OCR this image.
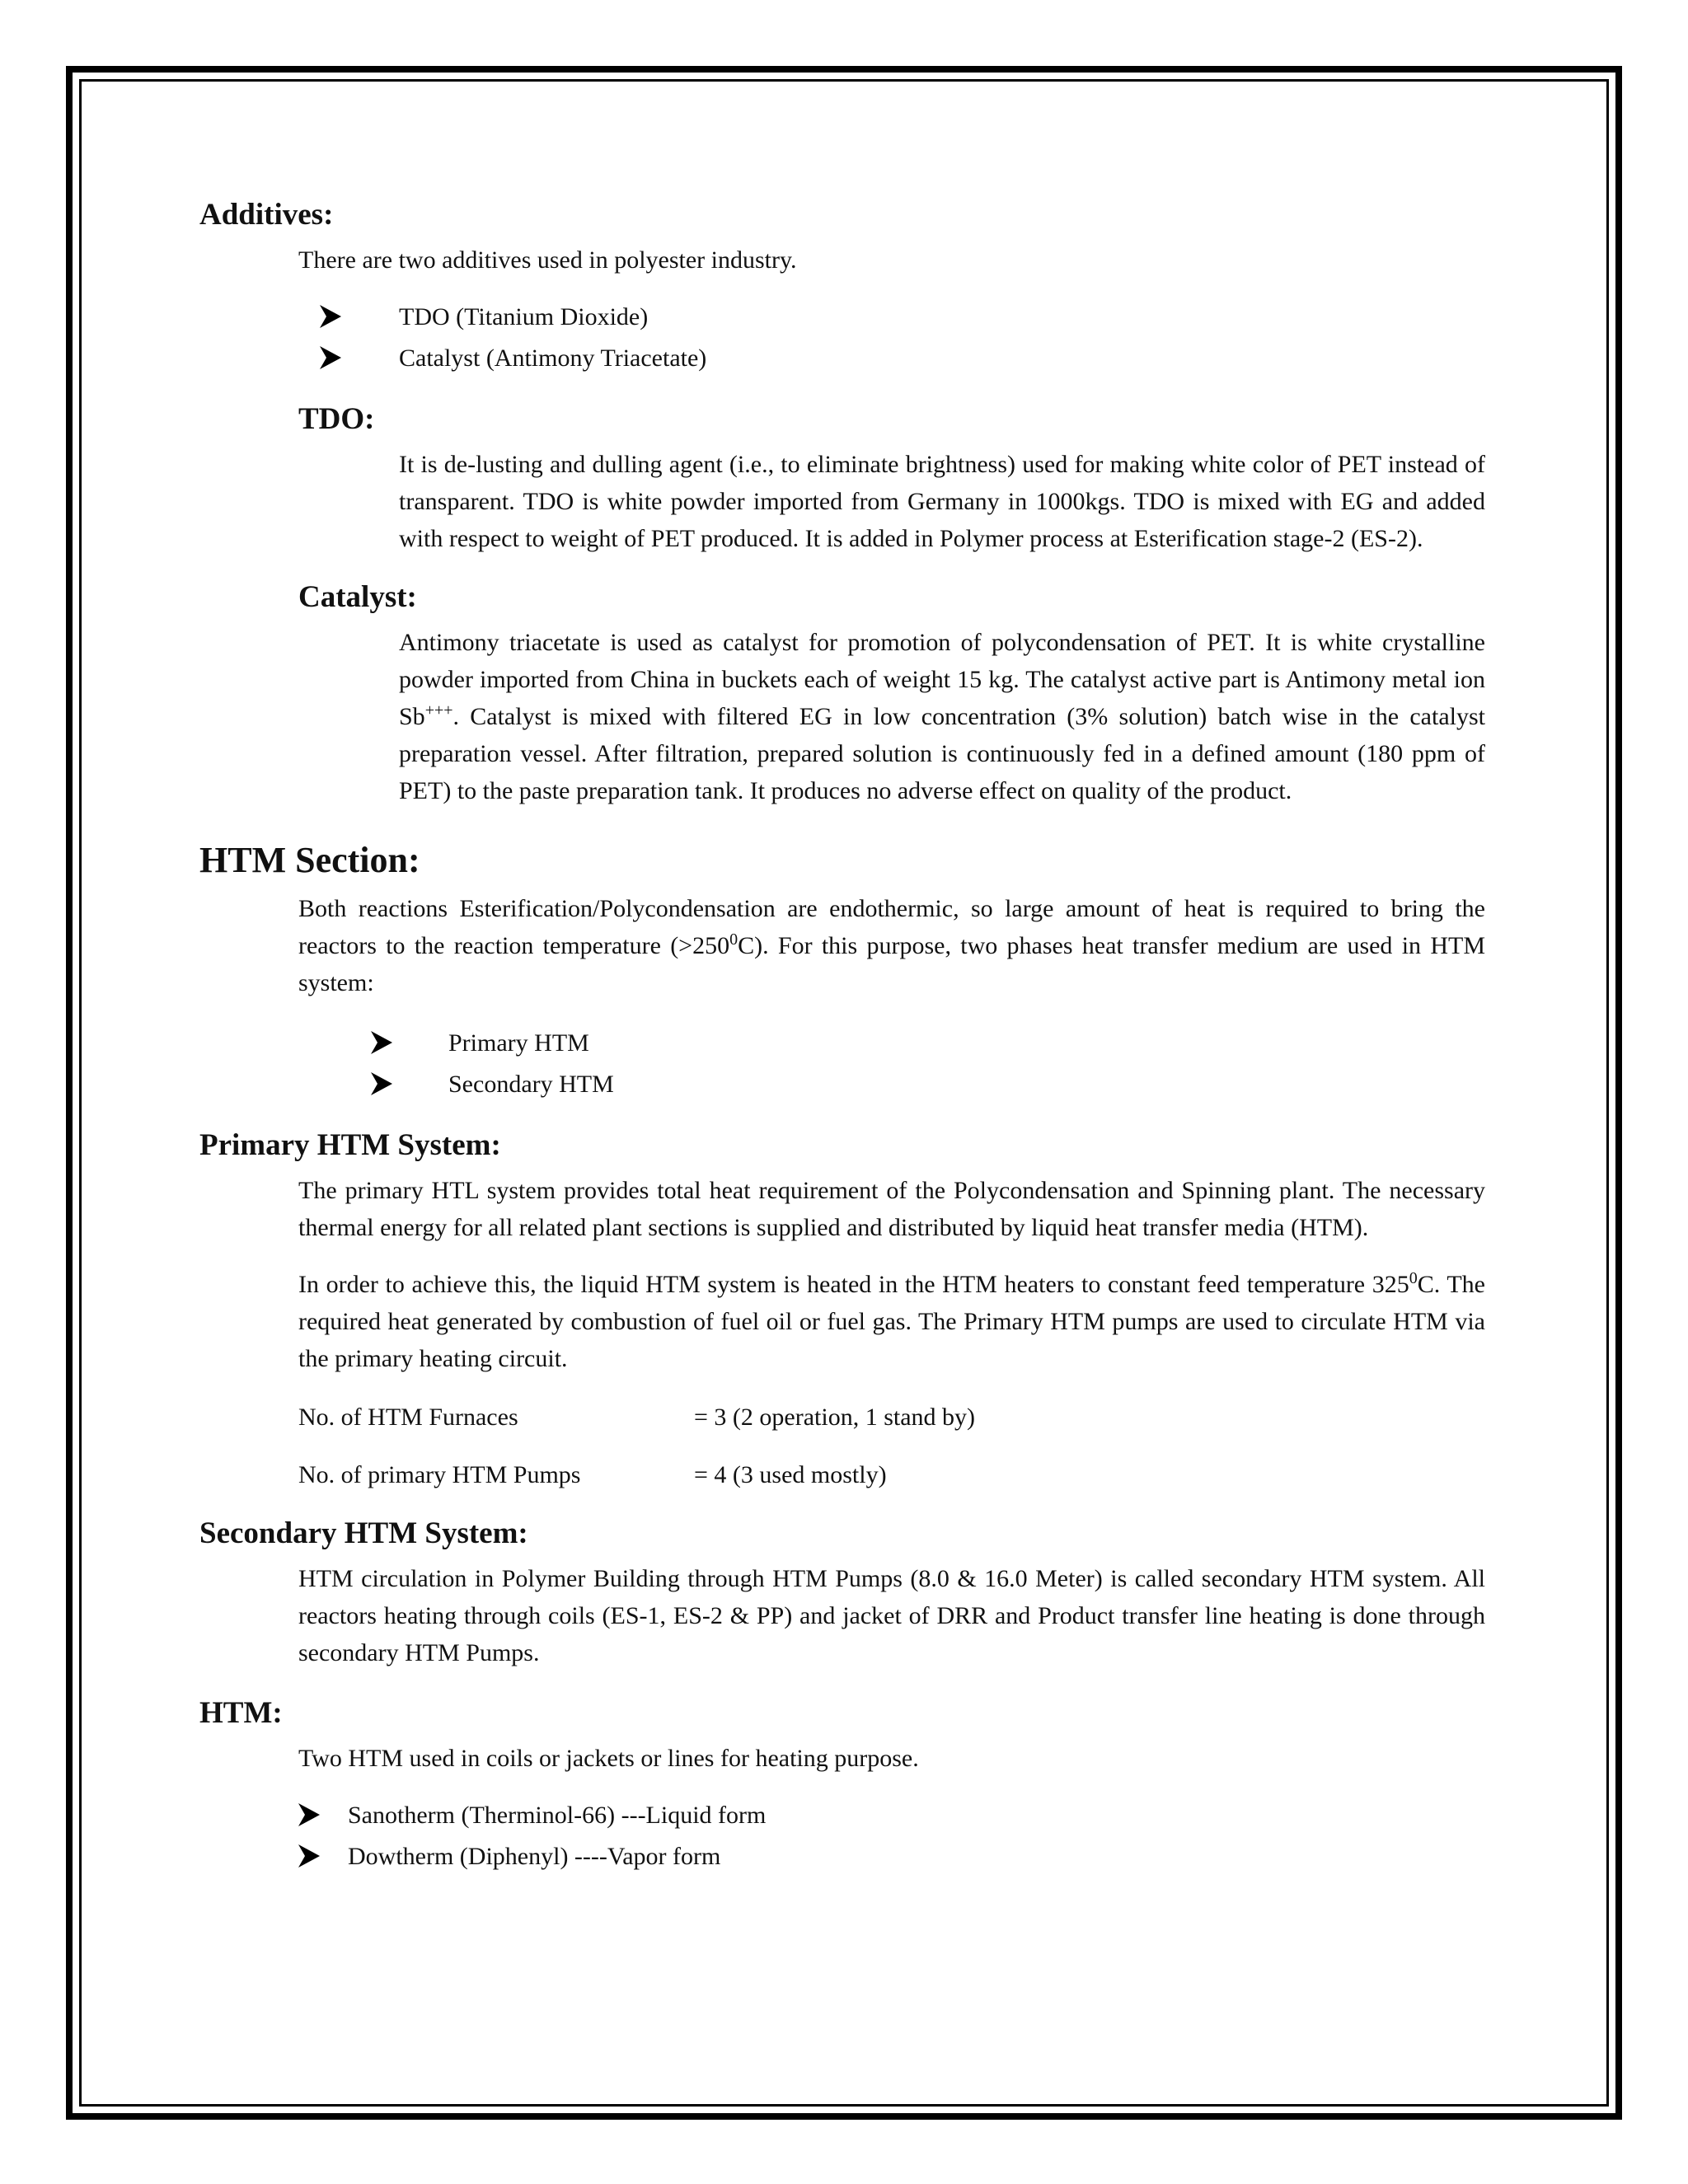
Additives:

There are two additives used in polyester industry.

TDO (Titanium Dioxide)
Catalyst (Antimony Triacetate)
TDO:

It is de-lusting and dulling agent (i.e., to eliminate brightness) used for making white color of PET instead of transparent. TDO is white powder imported from Germany in 1000kgs. TDO is mixed with EG and added with respect to weight of PET produced. It is added in Polymer process at Esterification stage-2 (ES-2).

Catalyst:

Antimony triacetate is used as catalyst for promotion of polycondensation of PET. It is white crystalline powder imported from China in buckets each of weight 15 kg. The catalyst active part is Antimony metal ion Sb+++. Catalyst is mixed with filtered EG in low concentration (3% solution) batch wise in the catalyst preparation vessel. After filtration, prepared solution is continuously fed in a defined amount (180 ppm of PET) to the paste preparation tank. It produces no adverse effect on quality of the product.

HTM Section:

Both reactions Esterification/Polycondensation are endothermic, so large amount of heat is required to bring the reactors to the reaction temperature $(>250^0C)$. For this purpose, two phases heat transfer medium are used in HTM system:

Primary HTM
Secondary HTM
Primary HTM System:

The primary HTL system provides total heat requirement of the Polycondensation and Spinning plant. The necessary thermal energy for all related plant sections is supplied and distributed by liquid heat transfer media (HTM).

In order to achieve this, the liquid HTM system is heated in the HTM heaters to constant feed temperature $325^0C$. The required heat generated by combustion of fuel oil or fuel gas. The Primary HTM pumps are used to circulate HTM via the primary heating circuit.

No. of HTM Furnaces	= 3 (2 operation, 1 stand by)
No. of primary HTM Pumps	= 4 (3 used mostly)
Secondary HTM System:

HTM circulation in Polymer Building through HTM Pumps (8.0 & 16.0 Meter) is called secondary HTM system. All reactors heating through coils (ES-1, ES-2 & PP) and jacket of DRR and Product transfer line heating is done through secondary HTM Pumps.

HTM:

Two HTM used in coils or jackets or lines for heating purpose.

Sanotherm (Therminol-66) ---Liquid form
Dowtherm (Diphenyl) ----Vapor form
